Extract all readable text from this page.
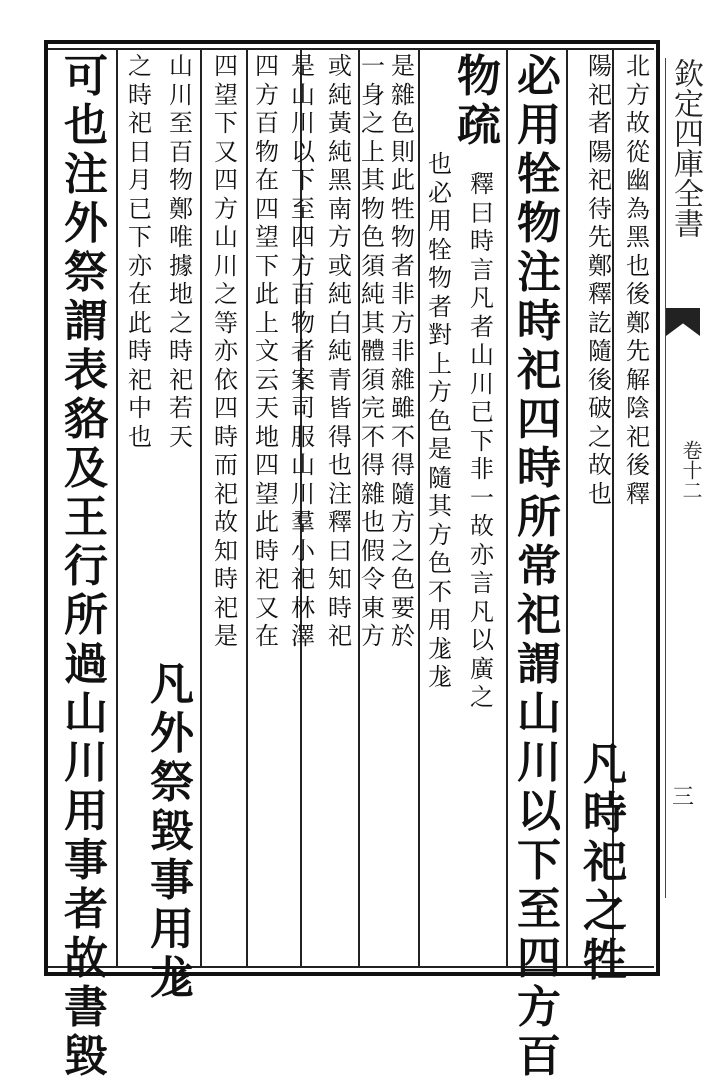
北
方
故
從
幽
為
黑
也
後
鄭
先
解
陰
祀
後
釋
陽
祀
者
陽
祀
待
先
鄭
釋
訖
隨
後
破
之
故
也
凡
時
祀
之
牲
必
用
牷
物
注
時
祀
四
時
所
常
祀
謂
山
川
以
下
至
四
方
百
物
疏
釋
曰
時
言
凡
者
山
川
已
下
非
一
故
亦
言
凡
以
廣
之
也
必
用
牷
物
者
對
上
方
色
是
隨
其
方
色
不
用
尨
尨
是
雜
色
則
此
牲
物
者
非
方
非
雜
雖
不
得
隨
方
之
色
要
於
一
身
之
上
其
物
色
須
純
其
體
須
完
不
得
雜
也
假
令
東
方
或
純
黃
純
黑
南
方
或
純
白
純
青
皆
得
也
注
釋
曰
知
時
祀
是
山
川
以
下
至
四
方
百
物
者
案
司
服
山
川
羣
小
祀
林
澤
四
方
百
物
在
四
望
下
此
上
文
云
天
地
四
望
此
時
祀
又
在
四
望
下
又
四
方
山
川
之
等
亦
依
四
時
而
祀
故
知
時
祀
是
山
川
至
百
物
鄭
唯
據
地
之
時
祀
若
天
凡
外
祭
毀
事
用
尨
之
時
祀
日
月
已
下
亦
在
此
時
祀
中
也
可
也
注
外
祭
謂
表
貉
及
王
行
所
過
山
川
用
事
者
故
書
毀
欽定四庫全書
卷十二
三
